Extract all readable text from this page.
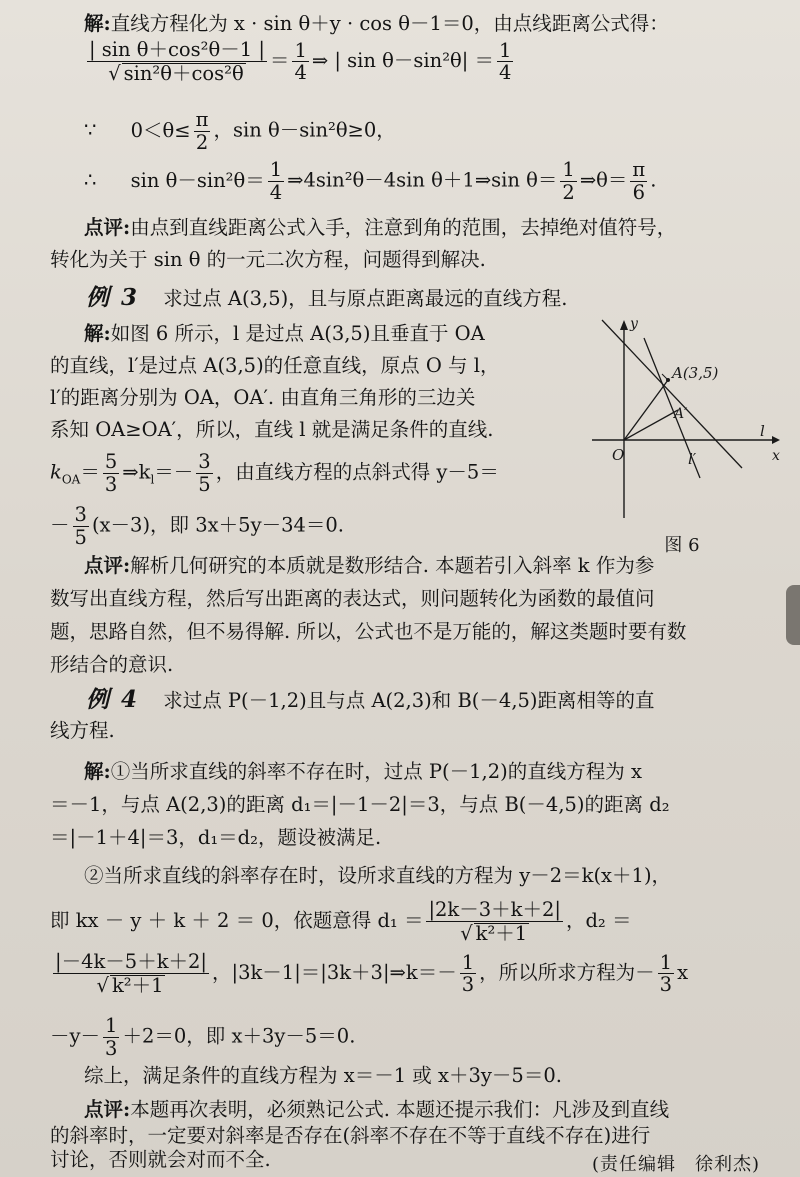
解:直线方程化为 x · sin θ＋y · cos θ－1＝0，由点线距离公式得：
$\frac{\text{| sin θ＋cos²θ－1 |}}{\text{√ sin²θ＋cos²θ}} = \frac{1}{4}$ ⇒ | $\sin \theta-\sin^2\theta| = \frac{1}{4}$
∵ $0<\theta\le \frac{\pi}{2}$ ，sin θ－sin²θ≥0，
∴ $\sin \theta-\sin^2\theta= \frac{1}{4}$ ⇒4sin²θ－4sin θ＋1⇒sin $\theta= \frac{1}{2}$ ⇒θ＝ $\frac{\pi}{6}$ .
点评:由点到直线距离公式入手，注意到角的范围，去掉绝对值符号，
转化为关于 sin θ 的一元二次方程，问题得到解决.
例 3 求过点 A(3,5)，且与原点距离最远的直线方程.
解:如图 6 所示，l 是过点 A(3,5)且垂直于 OA
的直线，l′是过点 A(3,5)的任意直线，原点 O 与 l，
l′的距离分别为 OA，OA′. 由直角三角形的三边关
系知 OA≥OA′，所以，直线 l 就是满足条件的直线.
$k_{OA}= \frac{5}{3}$ $\Rightarrow k_l=- \frac{3}{5}$ ，由直线方程的点斜式得 y－5＝
－ $\frac{3}{5} (x-3)$，即 3x＋5y－34＝0.
A(3,5)
A′
O
l
l′	x
y
图 6
点评:解析几何研究的本质就是数形结合. 本题若引入斜率 k 作为参
数写出直线方程，然后写出距离的表达式，则问题转化为函数的最值问
题，思路自然，但不易得解. 所以，公式也不是万能的，解这类题时要有数
形结合的意识.
例 4 求过点 P(－1,2)且与点 A(2,3)和 B(－4,5)距离相等的直
线方程.
解:①当所求直线的斜率不存在时，过点 P(－1,2)的直线方程为 x
＝－1，与点 A(2,3)的距离 d₁＝|－1－2|＝3，与点 B(－4,5)的距离 d₂
＝|－1＋4|＝3，d₁＝d₂，题设被满足.
②当所求直线的斜率存在时，设所求直线的方程为 y－2＝k(x＋1)，
即 kx － y ＋ k ＋ 2 ＝ 0，依题意得 $d_1 = \frac{|2k-3+k+2|}{\text{√ k²＋1}}$ ，d₂ ＝
$\frac{|-4k-5+k+2|}{\text{√ k²＋1}}$ ，|3k－1|＝|3k＋3|⇒k＝－ $\frac{1}{3}$ ，所以所求方程为－ $\frac{1}{3}$ x
$-y- \frac{1}{3} +2=0$，即 x＋3y－5＝0.
综上，满足条件的直线方程为 x＝－1 或 x＋3y－5＝0.
点评:本题再次表明，必须熟记公式. 本题还提示我们：凡涉及到直线
的斜率时，一定要对斜率是否存在(斜率不存在不等于直线不存在)进行
讨论，否则就会对而不全.	(责任编辑　徐利杰)
